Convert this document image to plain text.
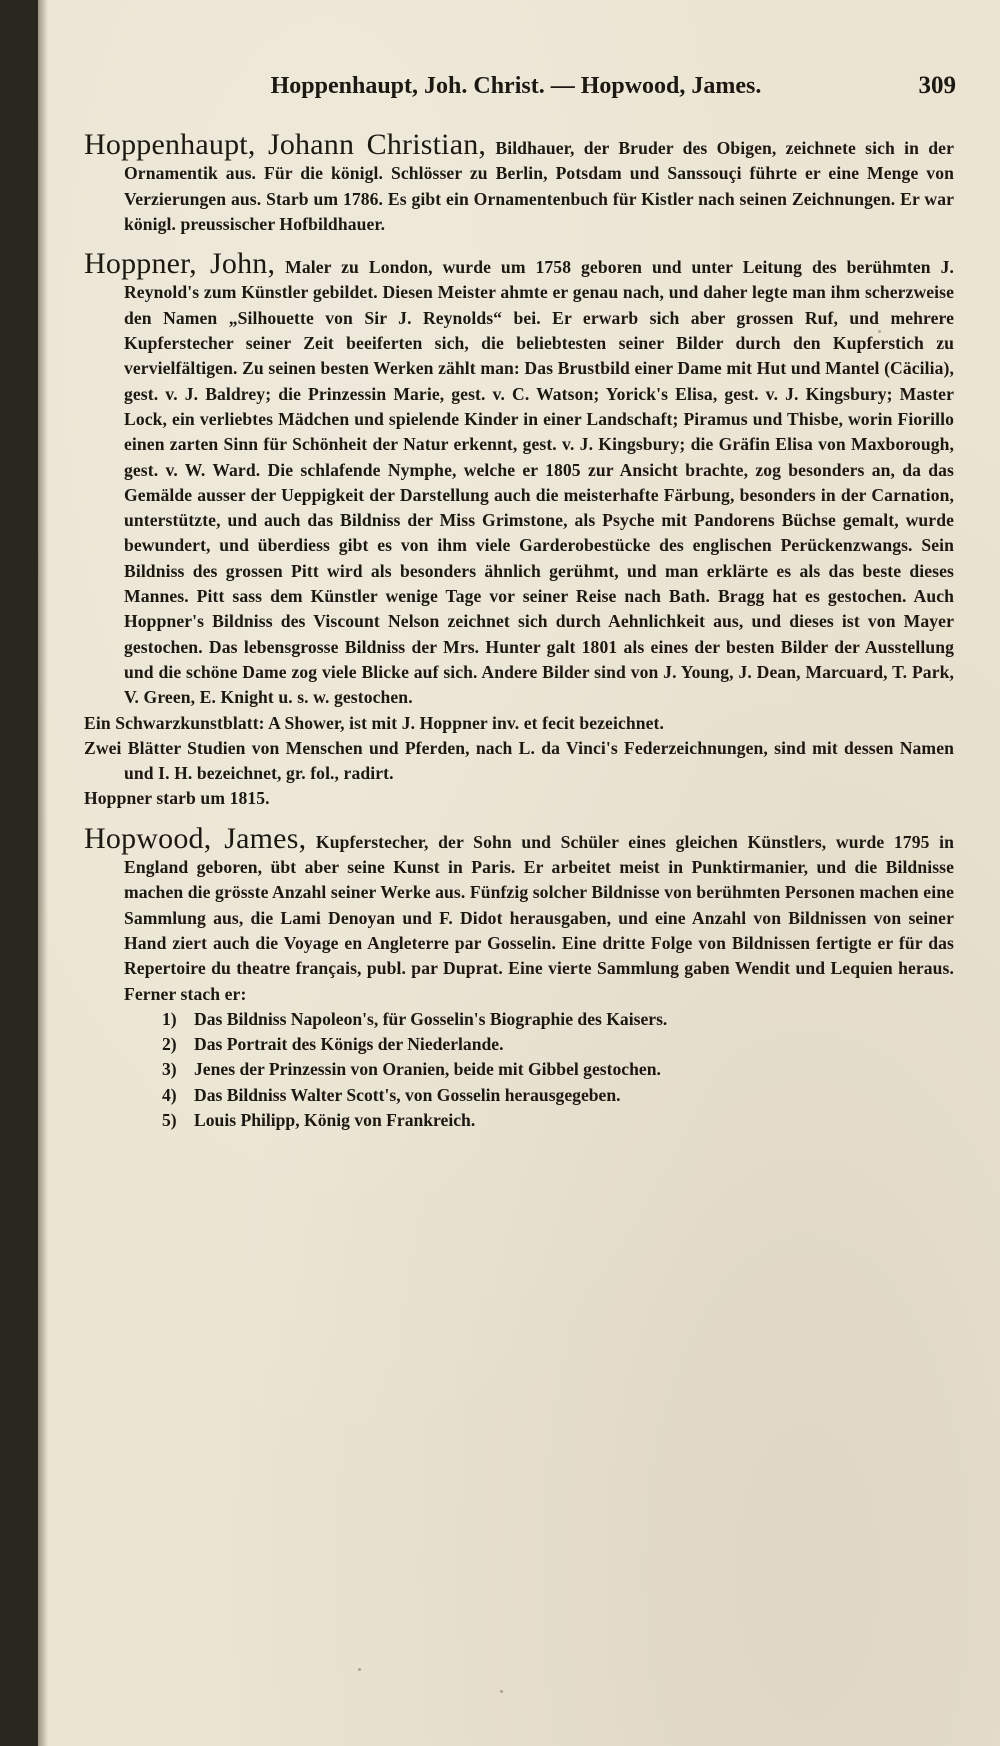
Hoppenhaupt, Joh. Christ. — Hopwood, James.	309

Hoppenhaupt, Johann Christian, Bildhauer, der Bruder des Obigen, zeichnete sich in der Ornamentik aus. Für die königl. Schlösser zu Berlin, Potsdam und Sanssouçi führte er eine Menge von Verzierungen aus. Starb um 1786. Es gibt ein Ornamentenbuch für Kistler nach seinen Zeichnungen. Er war königl. preussischer Hofbildhauer.

Hoppner, John, Maler zu London, wurde um 1758 geboren und unter Leitung des berühmten J. Reynold's zum Künstler gebildet. Diesen Meister ahmte er genau nach, und daher legte man ihm scherzweise den Namen „Silhouette von Sir J. Reynolds“ bei. Er erwarb sich aber grossen Ruf, und mehrere Kupferstecher seiner Zeit beeiferten sich, die beliebtesten seiner Bilder durch den Kupferstich zu vervielfältigen. Zu seinen besten Werken zählt man: Das Brustbild einer Dame mit Hut und Mantel (Cäcilia), gest. v. J. Baldrey; die Prinzessin Marie, gest. v. C. Watson; Yorick's Elisa, gest. v. J. Kingsbury; Master Lock, ein verliebtes Mädchen und spielende Kinder in einer Landschaft; Piramus und Thisbe, worin Fiorillo einen zarten Sinn für Schönheit der Natur erkennt, gest. v. J. Kingsbury; die Gräfin Elisa von Maxborough, gest. v. W. Ward. Die schlafende Nymphe, welche er 1805 zur Ansicht brachte, zog besonders an, da das Gemälde ausser der Ueppigkeit der Darstellung auch die meisterhafte Färbung, besonders in der Carnation, unterstützte, und auch das Bildniss der Miss Grimstone, als Psyche mit Pandorens Büchse gemalt, wurde bewundert, und überdiess gibt es von ihm viele Garderobestücke des englischen Perückenzwangs. Sein Bildniss des grossen Pitt wird als besonders ähnlich gerühmt, und man erklärte es als das beste dieses Mannes. Pitt sass dem Künstler wenige Tage vor seiner Reise nach Bath. Bragg hat es gestochen. Auch Hoppner's Bildniss des Viscount Nelson zeichnet sich durch Aehnlichkeit aus, und dieses ist von Mayer gestochen. Das lebensgrosse Bildniss der Mrs. Hunter galt 1801 als eines der besten Bilder der Ausstellung und die schöne Dame zog viele Blicke auf sich. Andere Bilder sind von J. Young, J. Dean, Marcuard, T. Park, V. Green, E. Knight u. s. w. gestochen.

Ein Schwarzkunstblatt: A Shower, ist mit J. Hoppner inv. et fecit bezeichnet.

Zwei Blätter Studien von Menschen und Pferden, nach L. da Vinci's Federzeichnungen, sind mit dessen Namen und I. H. bezeichnet, gr. fol., radirt.

Hoppner starb um 1815.

Hopwood, James, Kupferstecher, der Sohn und Schüler eines gleichen Künstlers, wurde 1795 in England geboren, übt aber seine Kunst in Paris. Er arbeitet meist in Punktirmanier, und die Bildnisse machen die grösste Anzahl seiner Werke aus. Fünfzig solcher Bildnisse von berühmten Personen machen eine Sammlung aus, die Lami Denoyan und F. Didot herausgaben, und eine Anzahl von Bildnissen von seiner Hand ziert auch die Voyage en Angleterre par Gosselin. Eine dritte Folge von Bildnissen fertigte er für das Repertoire du theatre français, publ. par Duprat. Eine vierte Sammlung gaben Wendit und Lequien heraus. Ferner stach er:

1) Das Bildniss Napoleon's, für Gosselin's Biographie des Kaisers.
2) Das Portrait des Königs der Niederlande.
3) Jenes der Prinzessin von Oranien, beide mit Gibbel gestochen.
4) Das Bildniss Walter Scott's, von Gosselin herausgegeben.
5) Louis Philipp, König von Frankreich.
